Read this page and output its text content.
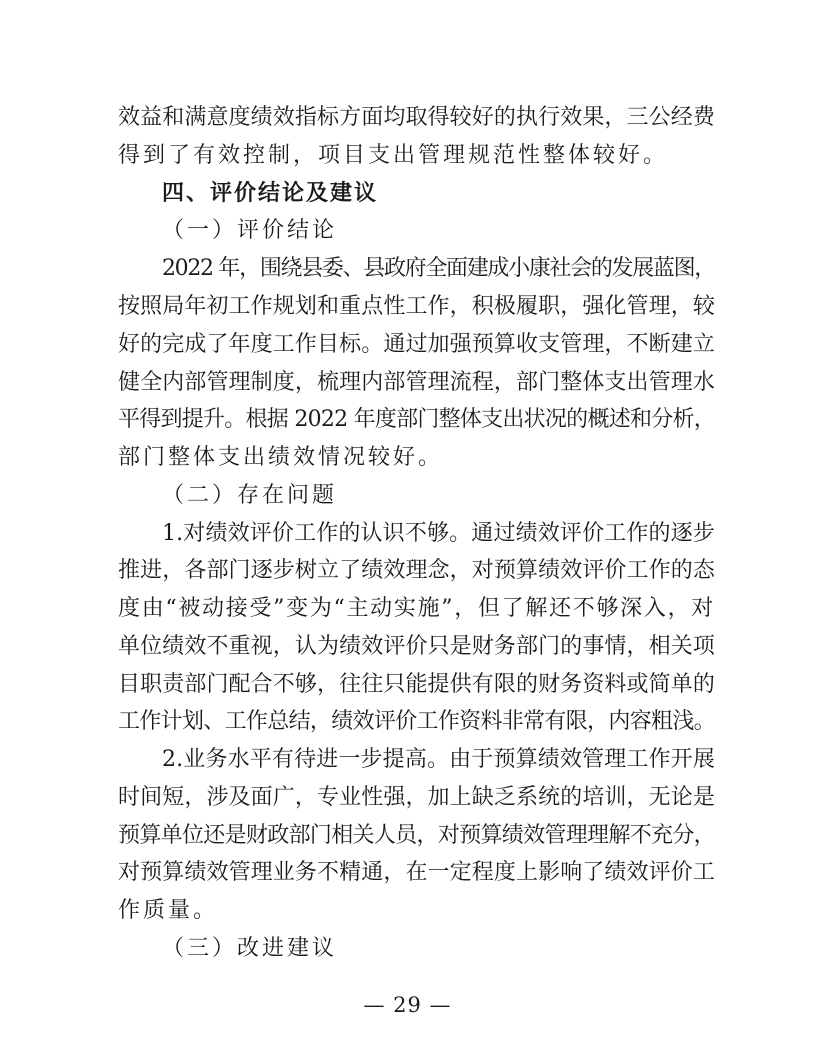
效益和满意度绩效指标方面均取得较好的执行效果，三公经费
得到了有效控制，项目支出管理规范性整体较好。
四、评价结论及建议
（一）评价结论
2022 年，围绕县委、县政府全面建成小康社会的发展蓝图，
按照局年初工作规划和重点性工作，积极履职，强化管理，较
好的完成了年度工作目标。通过加强预算收支管理，不断建立
健全内部管理制度，梳理内部管理流程，部门整体支出管理水
平得到提升。根据 2022 年度部门整体支出状况的概述和分析，
部门整体支出绩效情况较好。
（二）存在问题
1.对绩效评价工作的认识不够。通过绩效评价工作的逐步
推进，各部门逐步树立了绩效理念，对预算绩效评价工作的态
度由“被动接受”变为“主动实施”，但了解还不够深入，对
单位绩效不重视，认为绩效评价只是财务部门的事情，相关项
目职责部门配合不够，往往只能提供有限的财务资料或简单的
工作计划、工作总结，绩效评价工作资料非常有限，内容粗浅。
2.业务水平有待进一步提高。由于预算绩效管理工作开展
时间短，涉及面广，专业性强，加上缺乏系统的培训，无论是
预算单位还是财政部门相关人员，对预算绩效管理理解不充分，
对预算绩效管理业务不精通，在一定程度上影响了绩效评价工
作质量。
（三）改进建议
— 29 —
